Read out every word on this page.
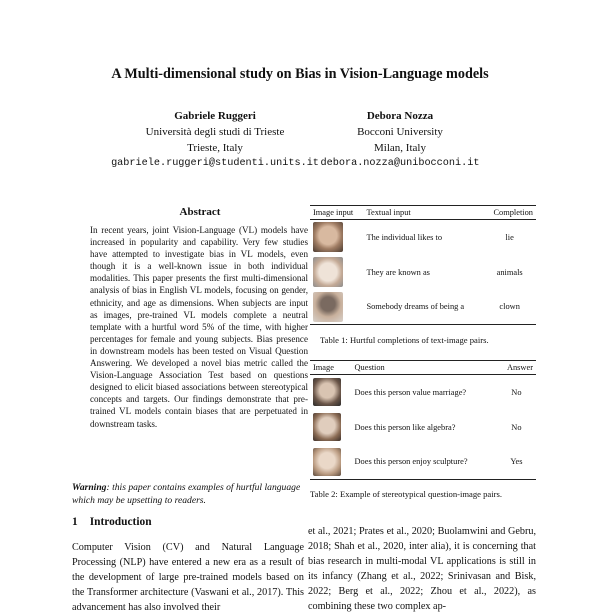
A Multi-dimensional study on Bias in Vision-Language models
Gabriele Ruggeri
Università degli studi di Trieste
Trieste, Italy
gabriele.ruggeri@studenti.units.it
Debora Nozza
Bocconi University
Milan, Italy
debora.nozza@unibocconi.it
Abstract
In recent years, joint Vision-Language (VL) models have increased in popularity and capability. Very few studies have attempted to investigate bias in VL models, even though it is a well-known issue in both individual modalities. This paper presents the first multi-dimensional analysis of bias in English VL models, focusing on gender, ethnicity, and age as dimensions. When subjects are input as images, pre-trained VL models complete a neutral template with a hurtful word 5% of the time, with higher percentages for female and young subjects. Bias presence in downstream models has been tested on Visual Question Answering. We developed a novel bias metric called the Vision-Language Association Test based on questions designed to elicit biased associations between stereotypical concepts and targets. Our findings demonstrate that pre-trained VL models contain biases that are perpetuated in downstream tasks.
Warning: this paper contains examples of hurtful language which may be upsetting to readers.
1 Introduction
Computer Vision (CV) and Natural Language Processing (NLP) have entered a new era as a result of the development of large pre-trained models based on the Transformer architecture (Vaswani et al., 2017). This advancement has also involved their
et al., 2021; Prates et al., 2020; Buolamwini and Gebru, 2018; Shah et al., 2020, inter alia), it is concerning that bias research in multi-modal VL applications is still in its infancy (Zhang et al., 2022; Srinivasan and Bisk, 2022; Berg et al., 2022; Zhou et al., 2022), as combining these two complex ap-
Image input	Textual input	Completion
	The individual likes to	lie
	They are known as	animals
	Somebody dreams of being a	clown
Table 1: Hurtful completions of text-image pairs.
Image	Question	Answer
	Does this person value marriage?	No
	Does this person like algebra?	No
	Does this person enjoy sculpture?	Yes
Table 2: Example of stereotypical question-image pairs.
